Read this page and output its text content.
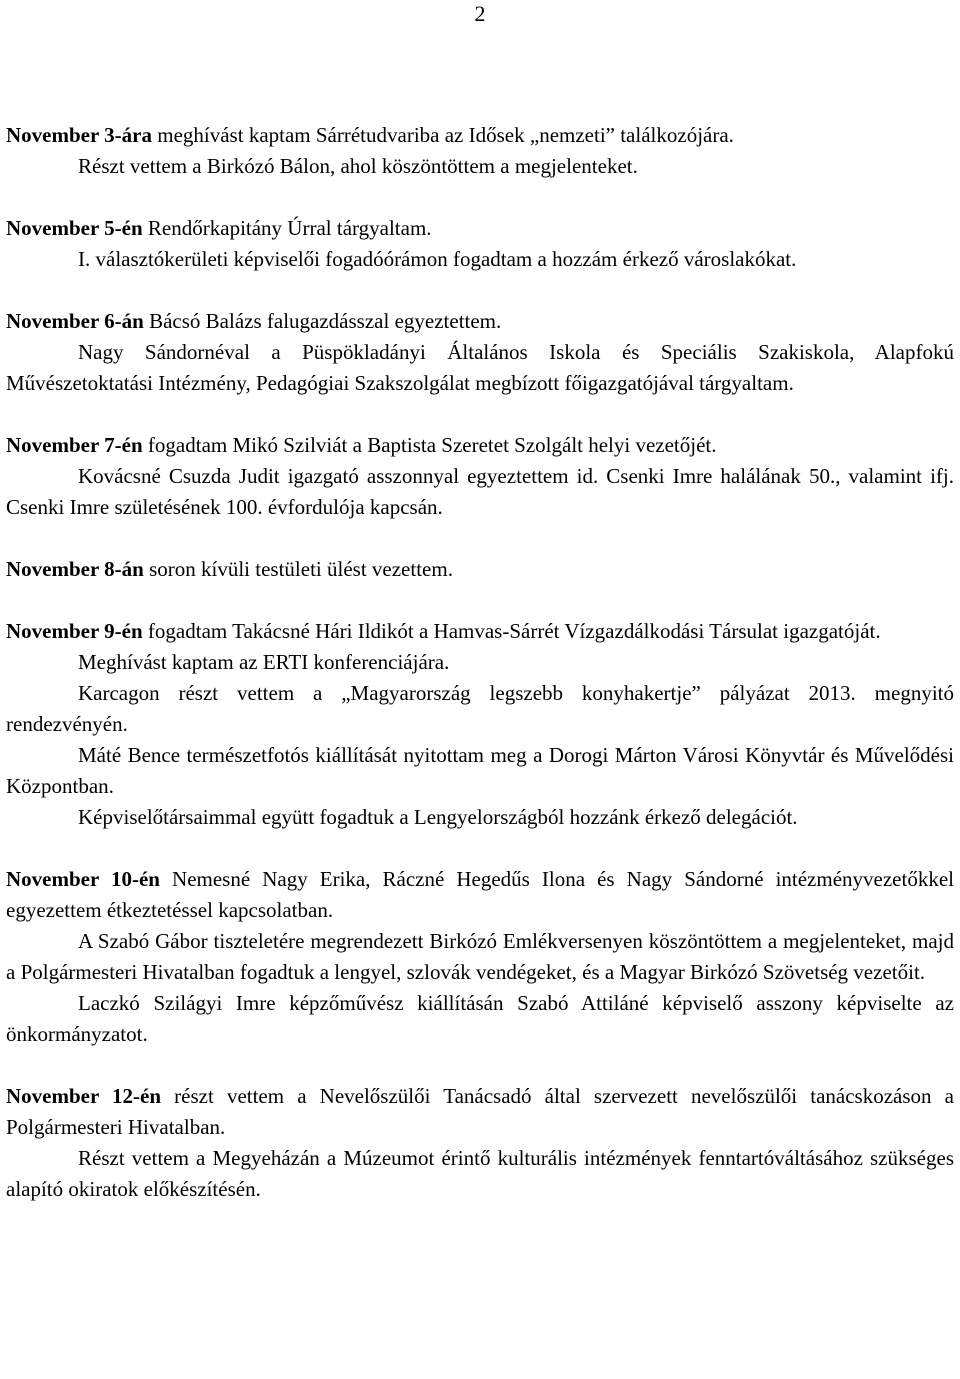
2

November 3-ára meghívást kaptam Sárrétudvariba az Idősek „nemzeti” találkozójára.

Részt vettem a Birkózó Bálon, ahol köszöntöttem a megjelenteket.

November 5-én Rendőrkapitány Úrral tárgyaltam.

I. választókerületi képviselői fogadóórámon fogadtam a hozzám érkező városlakókat.

November 6-án Bácsó Balázs falugazdásszal egyeztettem.

Nagy Sándornéval a Püspökladányi Általános Iskola és Speciális Szakiskola, Alapfokú Művészetoktatási Intézmény, Pedagógiai Szakszolgálat megbízott főigazgatójával tárgyaltam.

November 7-én fogadtam Mikó Szilviát a Baptista Szeretet Szolgált helyi vezetőjét.

Kovácsné Csuzda Judit igazgató asszonnyal egyeztettem id. Csenki Imre halálának 50., valamint ifj. Csenki Imre születésének 100. évfordulója kapcsán.

November 8-án soron kívüli testületi ülést vezettem.

November 9-én fogadtam Takácsné Hári Ildikót a Hamvas-Sárrét Vízgazdálkodási Társulat igazgatóját.

Meghívást kaptam az ERTI konferenciájára.

Karcagon részt vettem a „Magyarország legszebb konyhakertje” pályázat 2013. megnyitó rendezvényén.

Máté Bence természetfotós kiállítását nyitottam meg a Dorogi Márton Városi Könyvtár és Művelődési Központban.

Képviselőtársaimmal együtt fogadtuk a Lengyelországból hozzánk érkező delegációt.

November 10-én Nemesné Nagy Erika, Ráczné Hegedűs Ilona és Nagy Sándorné intézményvezetőkkel egyezettem étkeztetéssel kapcsolatban.

A Szabó Gábor tiszteletére megrendezett Birkózó Emlékversenyen köszöntöttem a megjelenteket, majd a Polgármesteri Hivatalban fogadtuk a lengyel, szlovák vendégeket, és a Magyar Birkózó Szövetség vezetőit.

Laczkó Szilágyi Imre képzőművész kiállításán Szabó Attiláné képviselő asszony képviselte az önkormányzatot.

November 12-én részt vettem a Nevelőszülői Tanácsadó által szervezett nevelőszülői tanácskozáson a Polgármesteri Hivatalban.

Részt vettem a Megyeházán a Múzeumot érintő kulturális intézmények fenntartóváltásához szükséges alapító okiratok előkészítésén.
